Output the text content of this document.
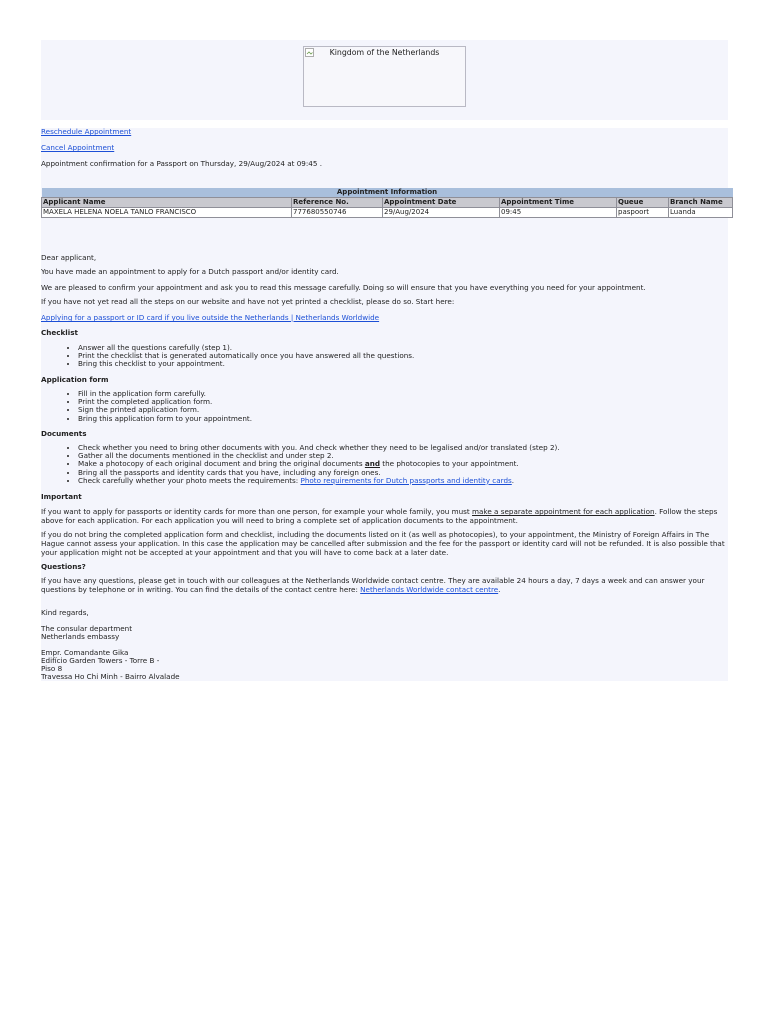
Kingdom of the Netherlands
Reschedule Appointment
Cancel Appointment
Appointment confirmation for a Passport on Thursday, 29/Aug/2024 at 09:45 .
Appointment Information					
Applicant Name	Reference No.	Appointment Date	Appointment Time	Queue	Branch Name
MAXELA HELENA NOELA TANLO FRANCISCO	777680550746	29/Aug/2024	09:45	paspoort	Luanda
Dear applicant,
You have made an appointment to apply for a Dutch passport and/or identity card.
We are pleased to confirm your appointment and ask you to read this message carefully. Doing so will ensure that you have everything you need for your appointment.
If you have not yet read all the steps on our website and have not yet printed a checklist, please do so. Start here:
Applying for a passport or ID card if you live outside the Netherlands | Netherlands Worldwide
Checklist
• Answer all the questions carefully (step 1).
• Print the checklist that is generated automatically once you have answered all the questions.
• Bring this checklist to your appointment.
Application form
• Fill in the application form carefully.
• Print the completed application form.
• Sign the printed application form.
• Bring this application form to your appointment.
Documents
• Check whether you need to bring other documents with you. And check whether they need to be legalised and/or translated (step 2).
• Gather all the documents mentioned in the checklist and under step 2.
• Make a photocopy of each original document and bring the original documents and the photocopies to your appointment.
• Bring all the passports and identity cards that you have, including any foreign ones.
• Check carefully whether your photo meets the requirements: Photo requirements for Dutch passports and identity cards.
Important
If you want to apply for passports or identity cards for more than one person, for example your whole family, you must make a separate appointment for each application. Follow the steps above for each application. For each application you will need to bring a complete set of application documents to the appointment.
If you do not bring the completed application form and checklist, including the documents listed on it (as well as photocopies), to your appointment, the Ministry of Foreign Affairs in The Hague cannot assess your application. In this case the application may be cancelled after submission and the fee for the passport or identity card will not be refunded. It is also possible that your application might not be accepted at your appointment and that you will have to come back at a later date.
Questions?
If you have any questions, please get in touch with our colleagues at the Netherlands Worldwide contact centre. They are available 24 hours a day, 7 days a week and can answer your questions by telephone or in writing. You can find the details of the contact centre here: Netherlands Worldwide contact centre.
Kind regards,
The consular department
Netherlands embassy
Empr. Comandante Gika
Edifício Garden Towers - Torre B -
Piso 8
Travessa Ho Chi Minh - Bairro Alvalade
